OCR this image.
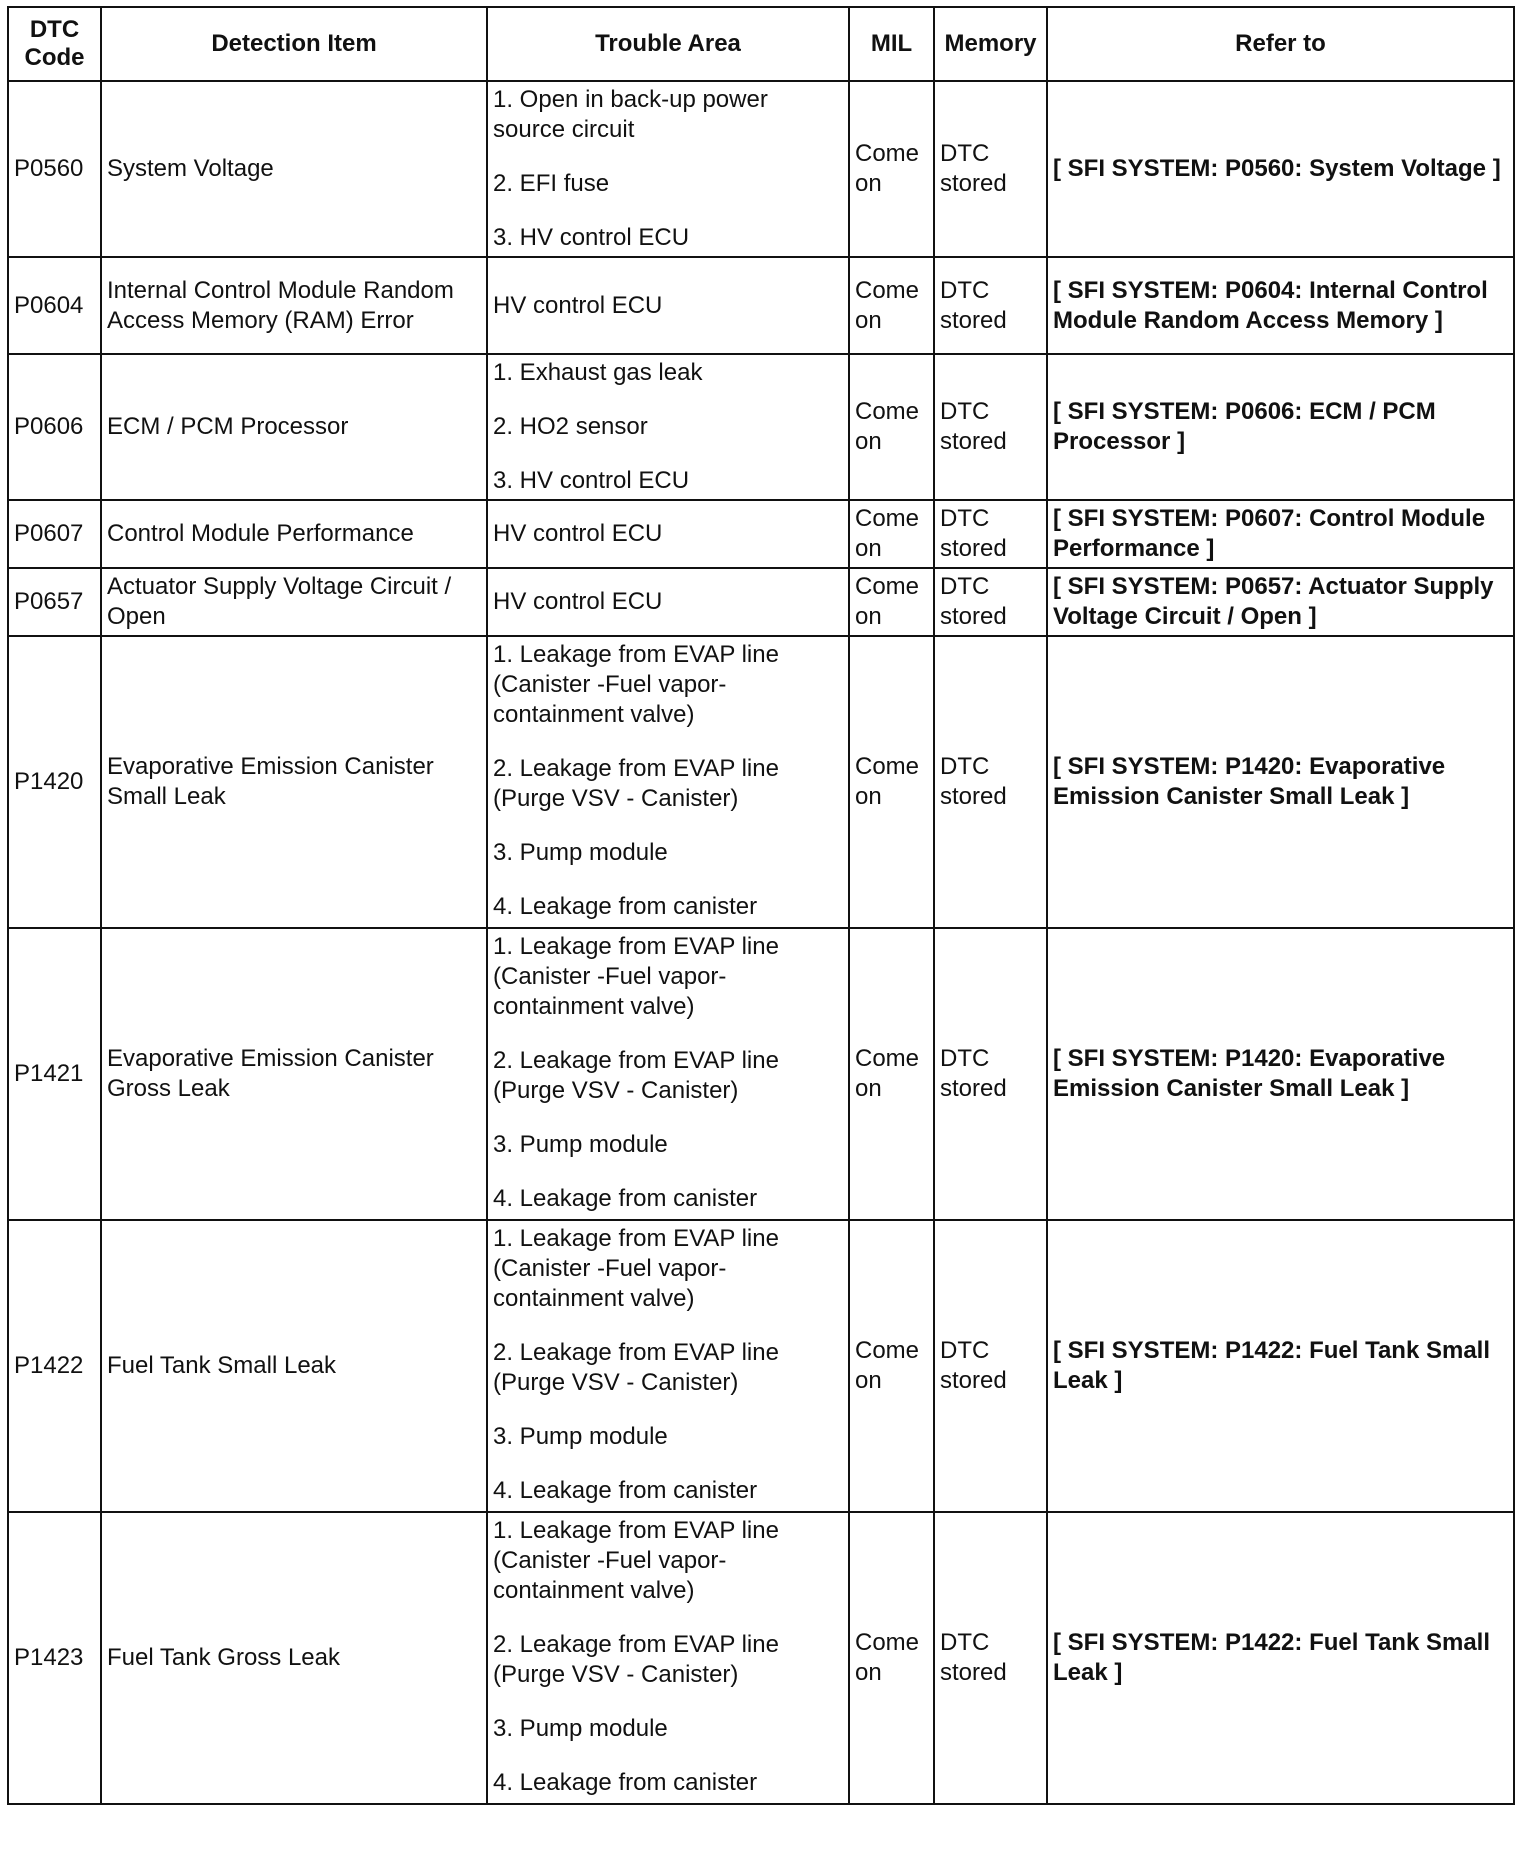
DTC Code	Detection Item	Trouble Area	MIL	Memory	Refer to
P0560	System Voltage	1. Open in back-up power source circuit
2. EFI fuse
3. HV control ECU	Come on	DTC stored	[ SFI SYSTEM: P0560: System Voltage ]
P0604	Internal Control Module Random Access Memory (RAM) Error	HV control ECU	Come on	DTC stored	[ SFI SYSTEM: P0604: Internal Control Module Random Access Memory ]
P0606	ECM / PCM Processor	1. Exhaust gas leak
2. HO2 sensor
3. HV control ECU	Come on	DTC stored	[ SFI SYSTEM: P0606: ECM / PCM Processor ]
P0607	Control Module Performance	HV control ECU	Come on	DTC stored	[ SFI SYSTEM: P0607: Control Module Performance ]
P0657	Actuator Supply Voltage Circuit / Open	HV control ECU	Come on	DTC stored	[ SFI SYSTEM: P0657: Actuator Supply Voltage Circuit / Open ]
P1420	Evaporative Emission Canister Small Leak	1. Leakage from EVAP line (Canister -Fuel vapor-containment valve)
2. Leakage from EVAP line (Purge VSV - Canister)
3. Pump module
4. Leakage from canister	Come on	DTC stored	[ SFI SYSTEM: P1420: Evaporative Emission Canister Small Leak ]
P1421	Evaporative Emission Canister Gross Leak	1. Leakage from EVAP line (Canister -Fuel vapor-containment valve)
2. Leakage from EVAP line (Purge VSV - Canister)
3. Pump module
4. Leakage from canister	Come on	DTC stored	[ SFI SYSTEM: P1420: Evaporative Emission Canister Small Leak ]
P1422	Fuel Tank Small Leak	1. Leakage from EVAP line (Canister -Fuel vapor-containment valve)
2. Leakage from EVAP line (Purge VSV - Canister)
3. Pump module
4. Leakage from canister	Come on	DTC stored	[ SFI SYSTEM: P1422: Fuel Tank Small Leak ]
P1423	Fuel Tank Gross Leak	1. Leakage from EVAP line (Canister -Fuel vapor-containment valve)
2. Leakage from EVAP line (Purge VSV - Canister)
3. Pump module
4. Leakage from canister	Come on	DTC stored	[ SFI SYSTEM: P1422: Fuel Tank Small Leak ]
